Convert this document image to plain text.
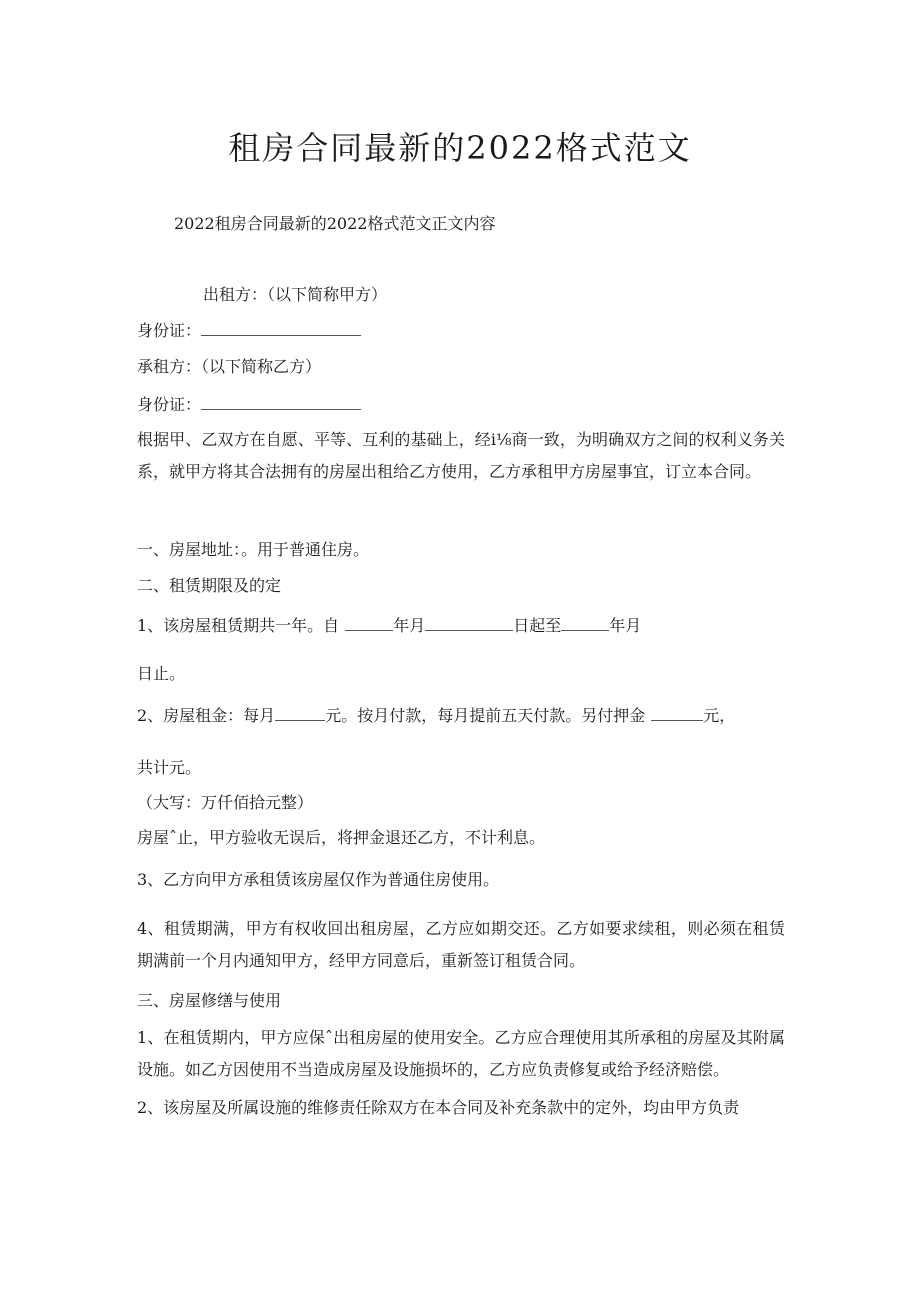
租房合同最新的2022格式范文
2022租房合同最新的2022格式范文正文内容
出租方：（以下简称甲方）
身份证：
承租方：（以下简称乙方）
身份证：
根据甲、乙双方在自愿、平等、互利的基础上，经i⅛商一致，为明确双方之间的权利义务关系，就甲方将其合法拥有的房屋出租给乙方使用，乙方承租甲方房屋事宜，订立本合同。
一、房屋地址：。用于普通住房。
二、租赁期限及的定
1、该房屋租赁期共一年。自	年月	日起至	年月
日止。
2、房屋租金：每月	元。按月付款，每月提前五天付款。另付押金	元，
共计元。
（大写：万仟佰拾元整）
房屋ˆ止，甲方验收无误后，将押金退还乙方，不计利息。
3、乙方向甲方承租赁该房屋仅作为普通住房使用。
4、租赁期满，甲方有权收回出租房屋，乙方应如期交还。乙方如要求续租，则必须在租赁期满前一个月内通知甲方，经甲方同意后，重新签订租赁合同。
三、房屋修缮与使用
1、在租赁期内，甲方应保ˆ出租房屋的使用安全。乙方应合理使用其所承租的房屋及其附属设施。如乙方因使用不当造成房屋及设施损坏的，乙方应负责修复或给予经济赔偿。
2、该房屋及所属设施的维修责任除双方在本合同及补充条款中的定外，均由甲方负责
